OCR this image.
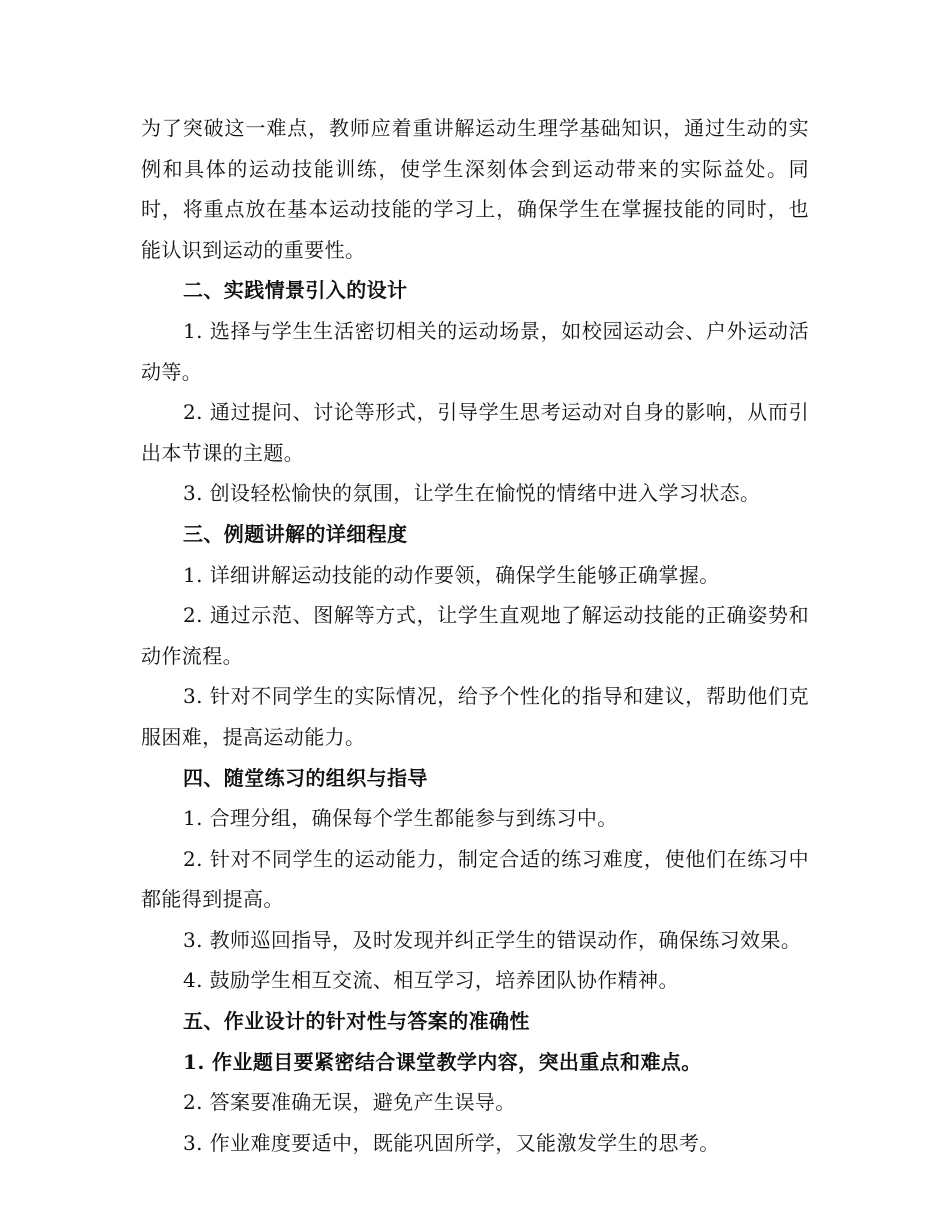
为了突破这一难点，教师应着重讲解运动生理学基础知识，通过生动的实例和具体的运动技能训练，使学生深刻体会到运动带来的实际益处。同时，将重点放在基本运动技能的学习上，确保学生在掌握技能的同时，也能认识到运动的重要性。

二、实践情景引入的设计

1. 选择与学生生活密切相关的运动场景，如校园运动会、户外运动活动等。

2. 通过提问、讨论等形式，引导学生思考运动对自身的影响，从而引出本节课的主题。

3. 创设轻松愉快的氛围，让学生在愉悦的情绪中进入学习状态。

三、例题讲解的详细程度

1. 详细讲解运动技能的动作要领，确保学生能够正确掌握。

2. 通过示范、图解等方式，让学生直观地了解运动技能的正确姿势和动作流程。

3. 针对不同学生的实际情况，给予个性化的指导和建议，帮助他们克服困难，提高运动能力。

四、随堂练习的组织与指导

1. 合理分组，确保每个学生都能参与到练习中。

2. 针对不同学生的运动能力，制定合适的练习难度，使他们在练习中都能得到提高。

3. 教师巡回指导，及时发现并纠正学生的错误动作，确保练习效果。

4. 鼓励学生相互交流、相互学习，培养团队协作精神。

五、作业设计的针对性与答案的准确性

1. 作业题目要紧密结合课堂教学内容，突出重点和难点。

2. 答案要准确无误，避免产生误导。

3. 作业难度要适中，既能巩固所学，又能激发学生的思考。
